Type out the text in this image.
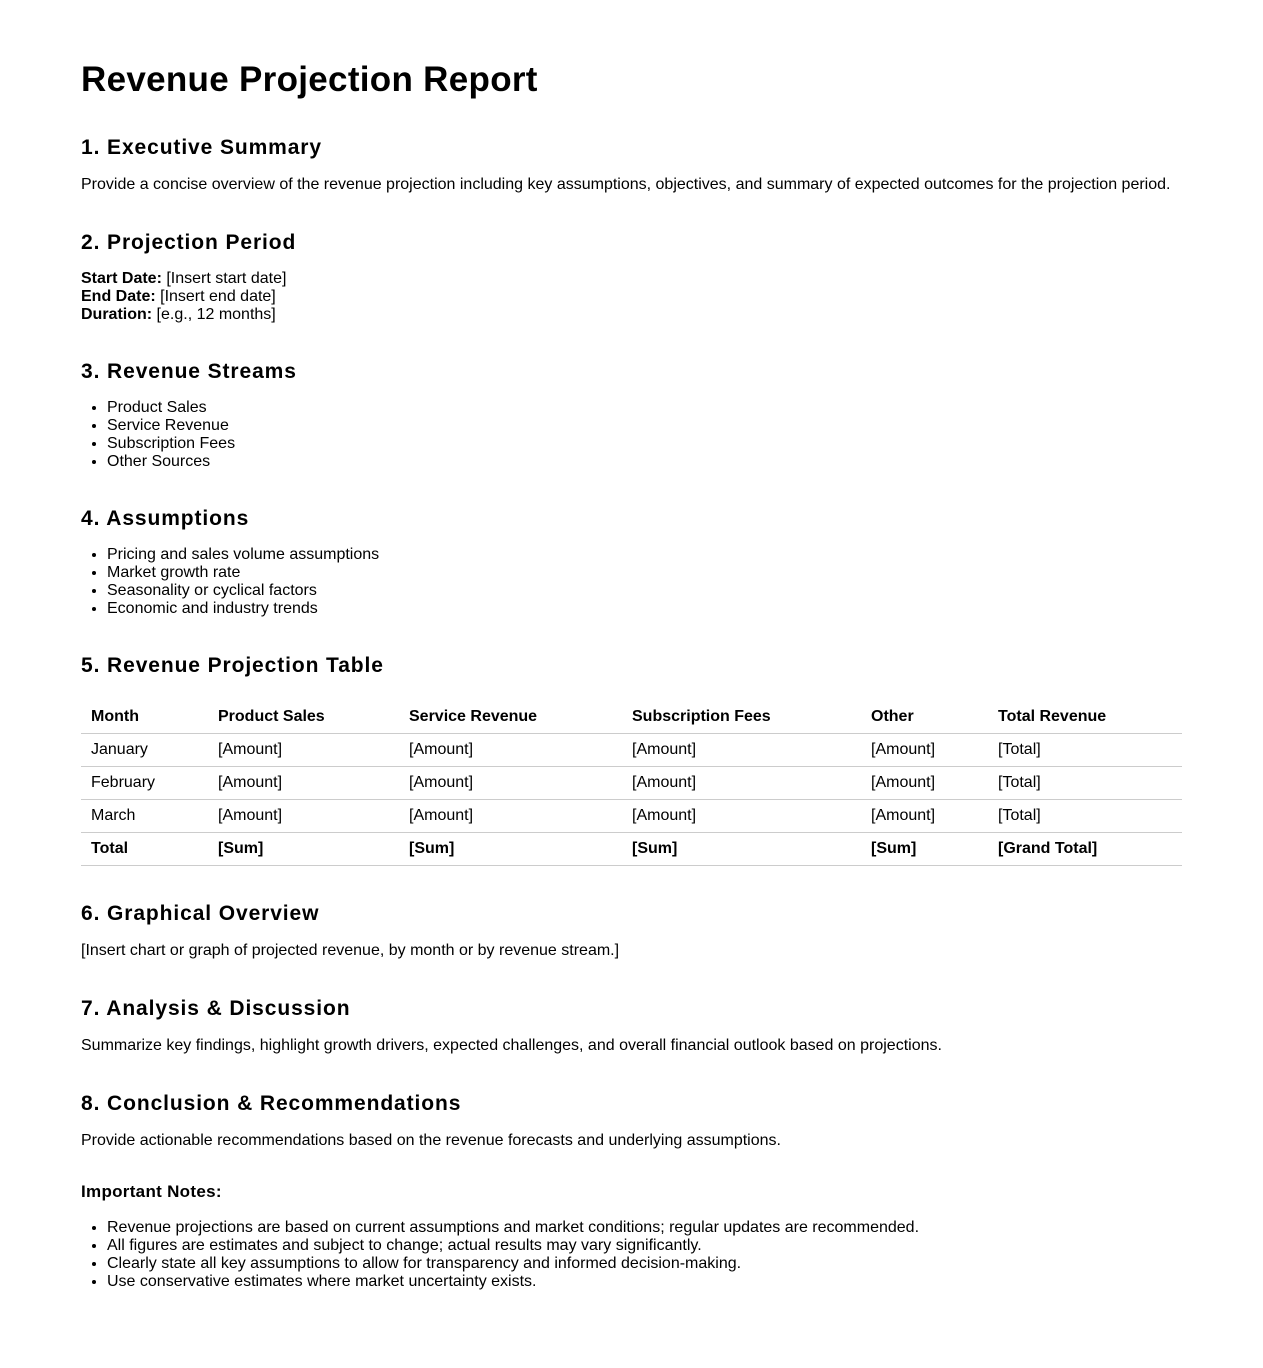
Revenue Projection Report
1. Executive Summary

Provide a concise overview of the revenue projection including key assumptions, objectives, and summary of expected outcomes for the projection period.

2. Projection Period
Start Date: [Insert start date]
End Date: [Insert end date]
Duration: [e.g., 12 months]
3. Revenue Streams
• Product Sales
• Service Revenue
• Subscription Fees
• Other Sources
4. Assumptions
• Pricing and sales volume assumptions
• Market growth rate
• Seasonality or cyclical factors
• Economic and industry trends
5. Revenue Projection Table
Month	Product Sales	Service Revenue	Subscription Fees	Other	Total Revenue
January	[Amount]	[Amount]	[Amount]	[Amount]	[Total]
February	[Amount]	[Amount]	[Amount]	[Amount]	[Total]
March	[Amount]	[Amount]	[Amount]	[Amount]	[Total]
Total	[Sum]	[Sum]	[Sum]	[Sum]	[Grand Total]
6. Graphical Overview

[Insert chart or graph of projected revenue, by month or by revenue stream.]

7. Analysis & Discussion

Summarize key findings, highlight growth drivers, expected challenges, and overall financial outlook based on projections.

8. Conclusion & Recommendations

Provide actionable recommendations based on the revenue forecasts and underlying assumptions.

Important Notes:
• Revenue projections are based on current assumptions and market conditions; regular updates are recommended.
• All figures are estimates and subject to change; actual results may vary significantly.
• Clearly state all key assumptions to allow for transparency and informed decision-making.
• Use conservative estimates where market uncertainty exists.
